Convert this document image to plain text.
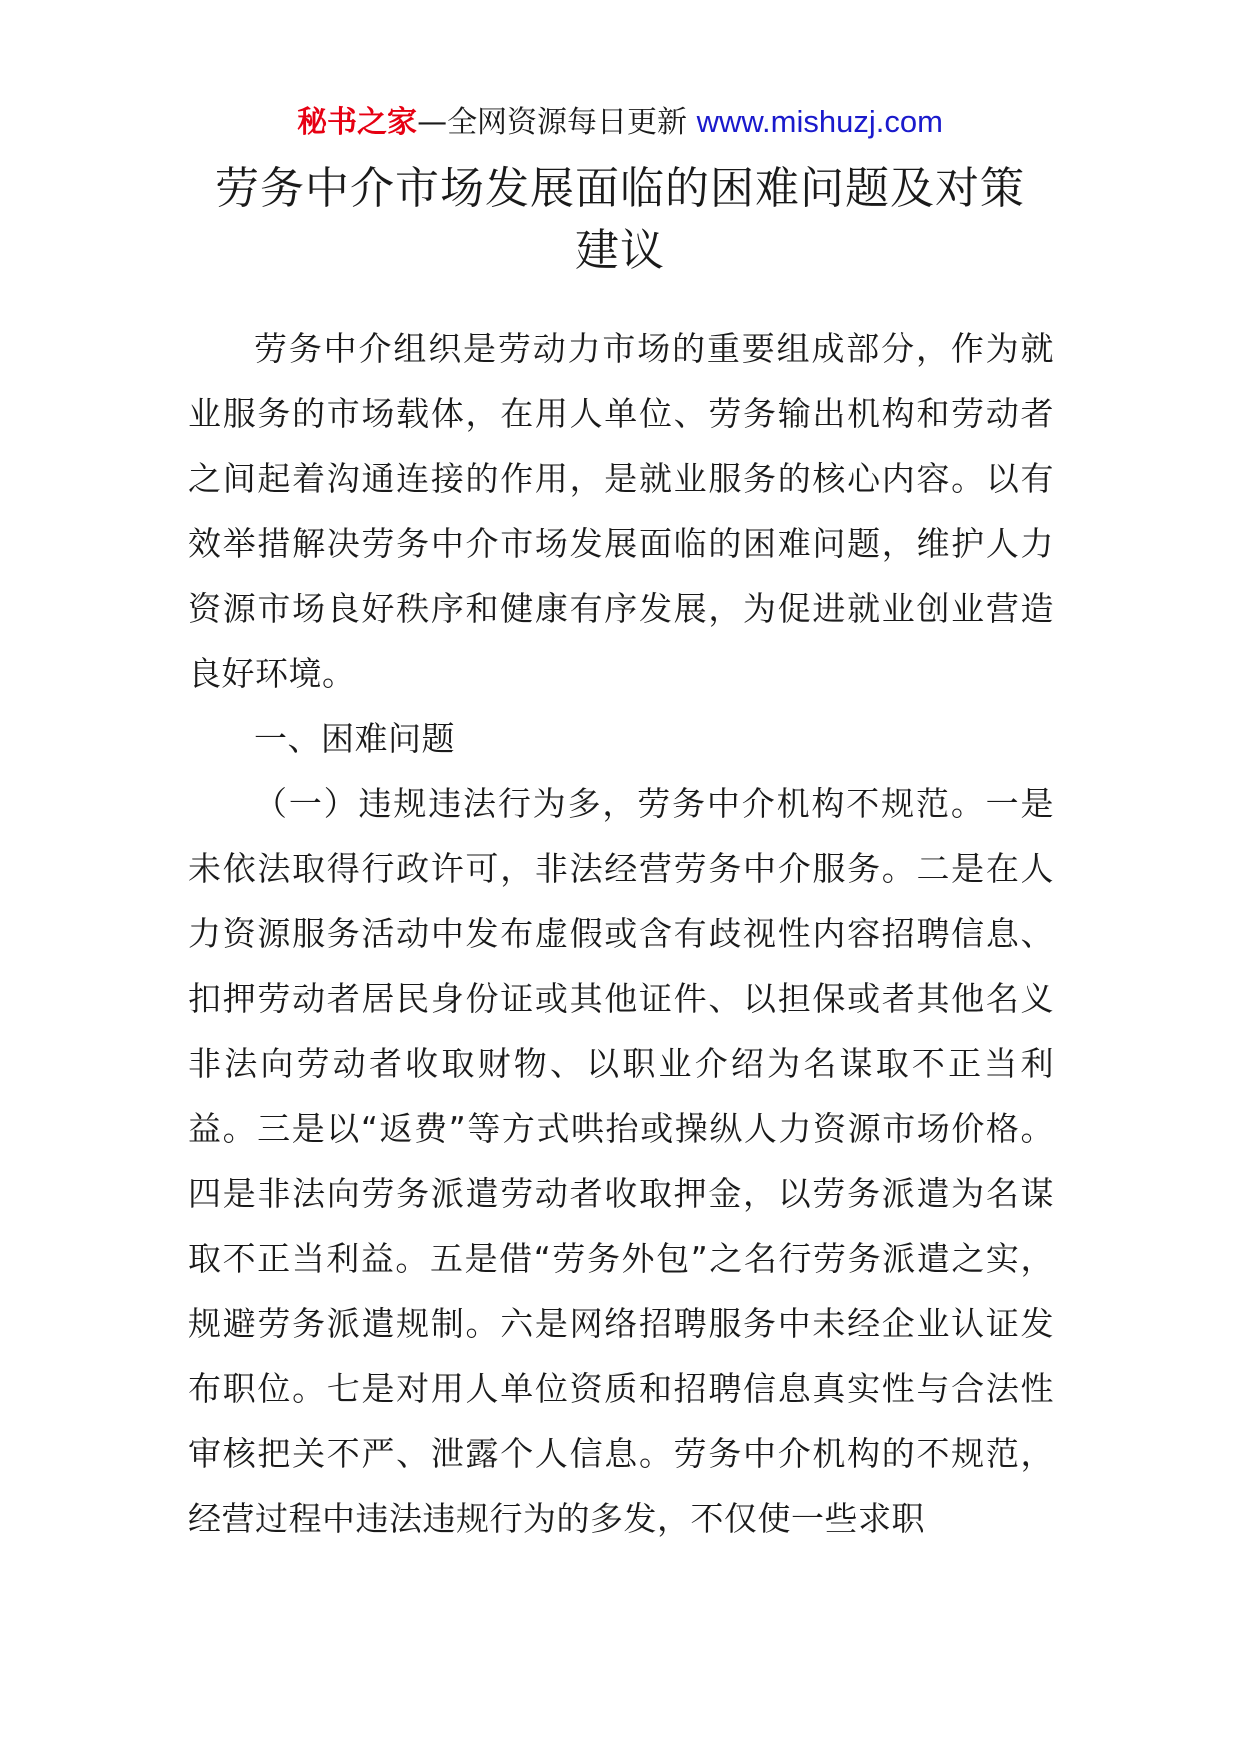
秘书之家—全网资源每日更新 www.mishuzj.com
劳务中介市场发展面临的困难问题及对策建议

劳务中介组织是劳动力市场的重要组成部分，作为就业服务的市场载体，在用人单位、劳务输出机构和劳动者之间起着沟通连接的作用，是就业服务的核心内容。以有效举措解决劳务中介市场发展面临的困难问题，维护人力资源市场良好秩序和健康有序发展，为促进就业创业营造良好环境。

一、困难问题

（一）违规违法行为多，劳务中介机构不规范。一是未依法取得行政许可，非法经营劳务中介服务。二是在人力资源服务活动中发布虚假或含有歧视性内容招聘信息、扣押劳动者居民身份证或其他证件、以担保或者其他名义非法向劳动者收取财物、以职业介绍为名谋取不正当利益。三是以“返费”等方式哄抬或操纵人力资源市场价格。四是非法向劳务派遣劳动者收取押金，以劳务派遣为名谋取不正当利益。五是借“劳务外包”之名行劳务派遣之实，规避劳务派遣规制。六是网络招聘服务中未经企业认证发布职位。七是对用人单位资质和招聘信息真实性与合法性审核把关不严、泄露个人信息。劳务中介机构的不规范，经营过程中违法违规行为的多发，不仅使一些求职
